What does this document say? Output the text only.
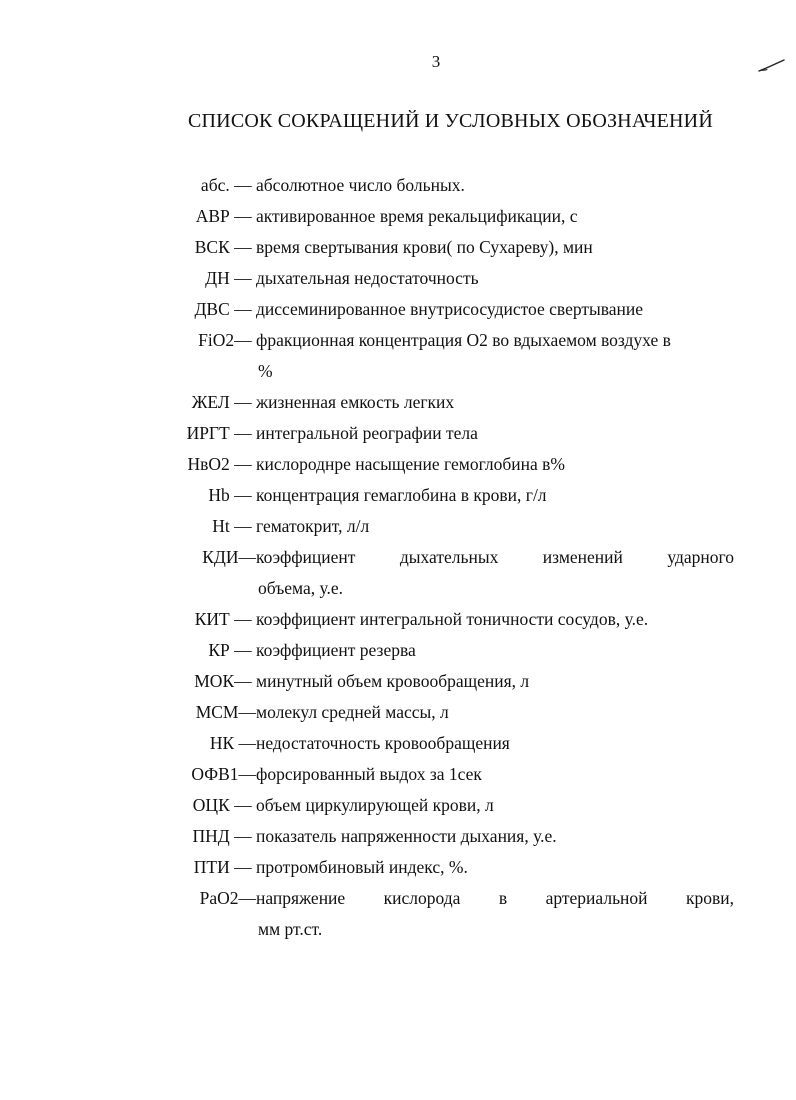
3
СПИСОК СОКРАЩЕНИЙ И УСЛОВНЫХ ОБОЗНАЧЕНИЙ
абс. — абсолютное число больных.
АВР — активированное время рекальцификации, с
ВСК — время свертывания крови( по Сухареву), мин
ДН — дыхательная недостаточность
ДВС — диссеминированное внутрисосудистое свертывание
FiO2 — фракционная концентрация О2 во вдыхаемом воздухе в
%
ЖЕЛ — жизненная емкость легких
ИРГТ — интегральной реографии тела
HвO2 — кислороднре насыщение гемоглобина в%
Hb — концентрация гемаглобина в крови, г/л
Ht — гематокрит, л/л
КДИ — коэффициент дыхательных изменений ударного
объема, у.е.
КИТ — коэффициент интегральной тоничности сосудов, у.е.
КР — коэффициент резерва
МОК — минутный объем кровообращения, л
МСМ — молекул средней массы, л
НК — недостаточность кровообращения
ОФВ1 — форсированный выдох за 1сек
ОЦК — объем циркулирующей крови, л
ПНД — показатель напряженности дыхания, у.е.
ПТИ — протромбиновый индекс, %.
PaO2 — напряжение кислорода в артериальной крови,
мм рт.ст.
